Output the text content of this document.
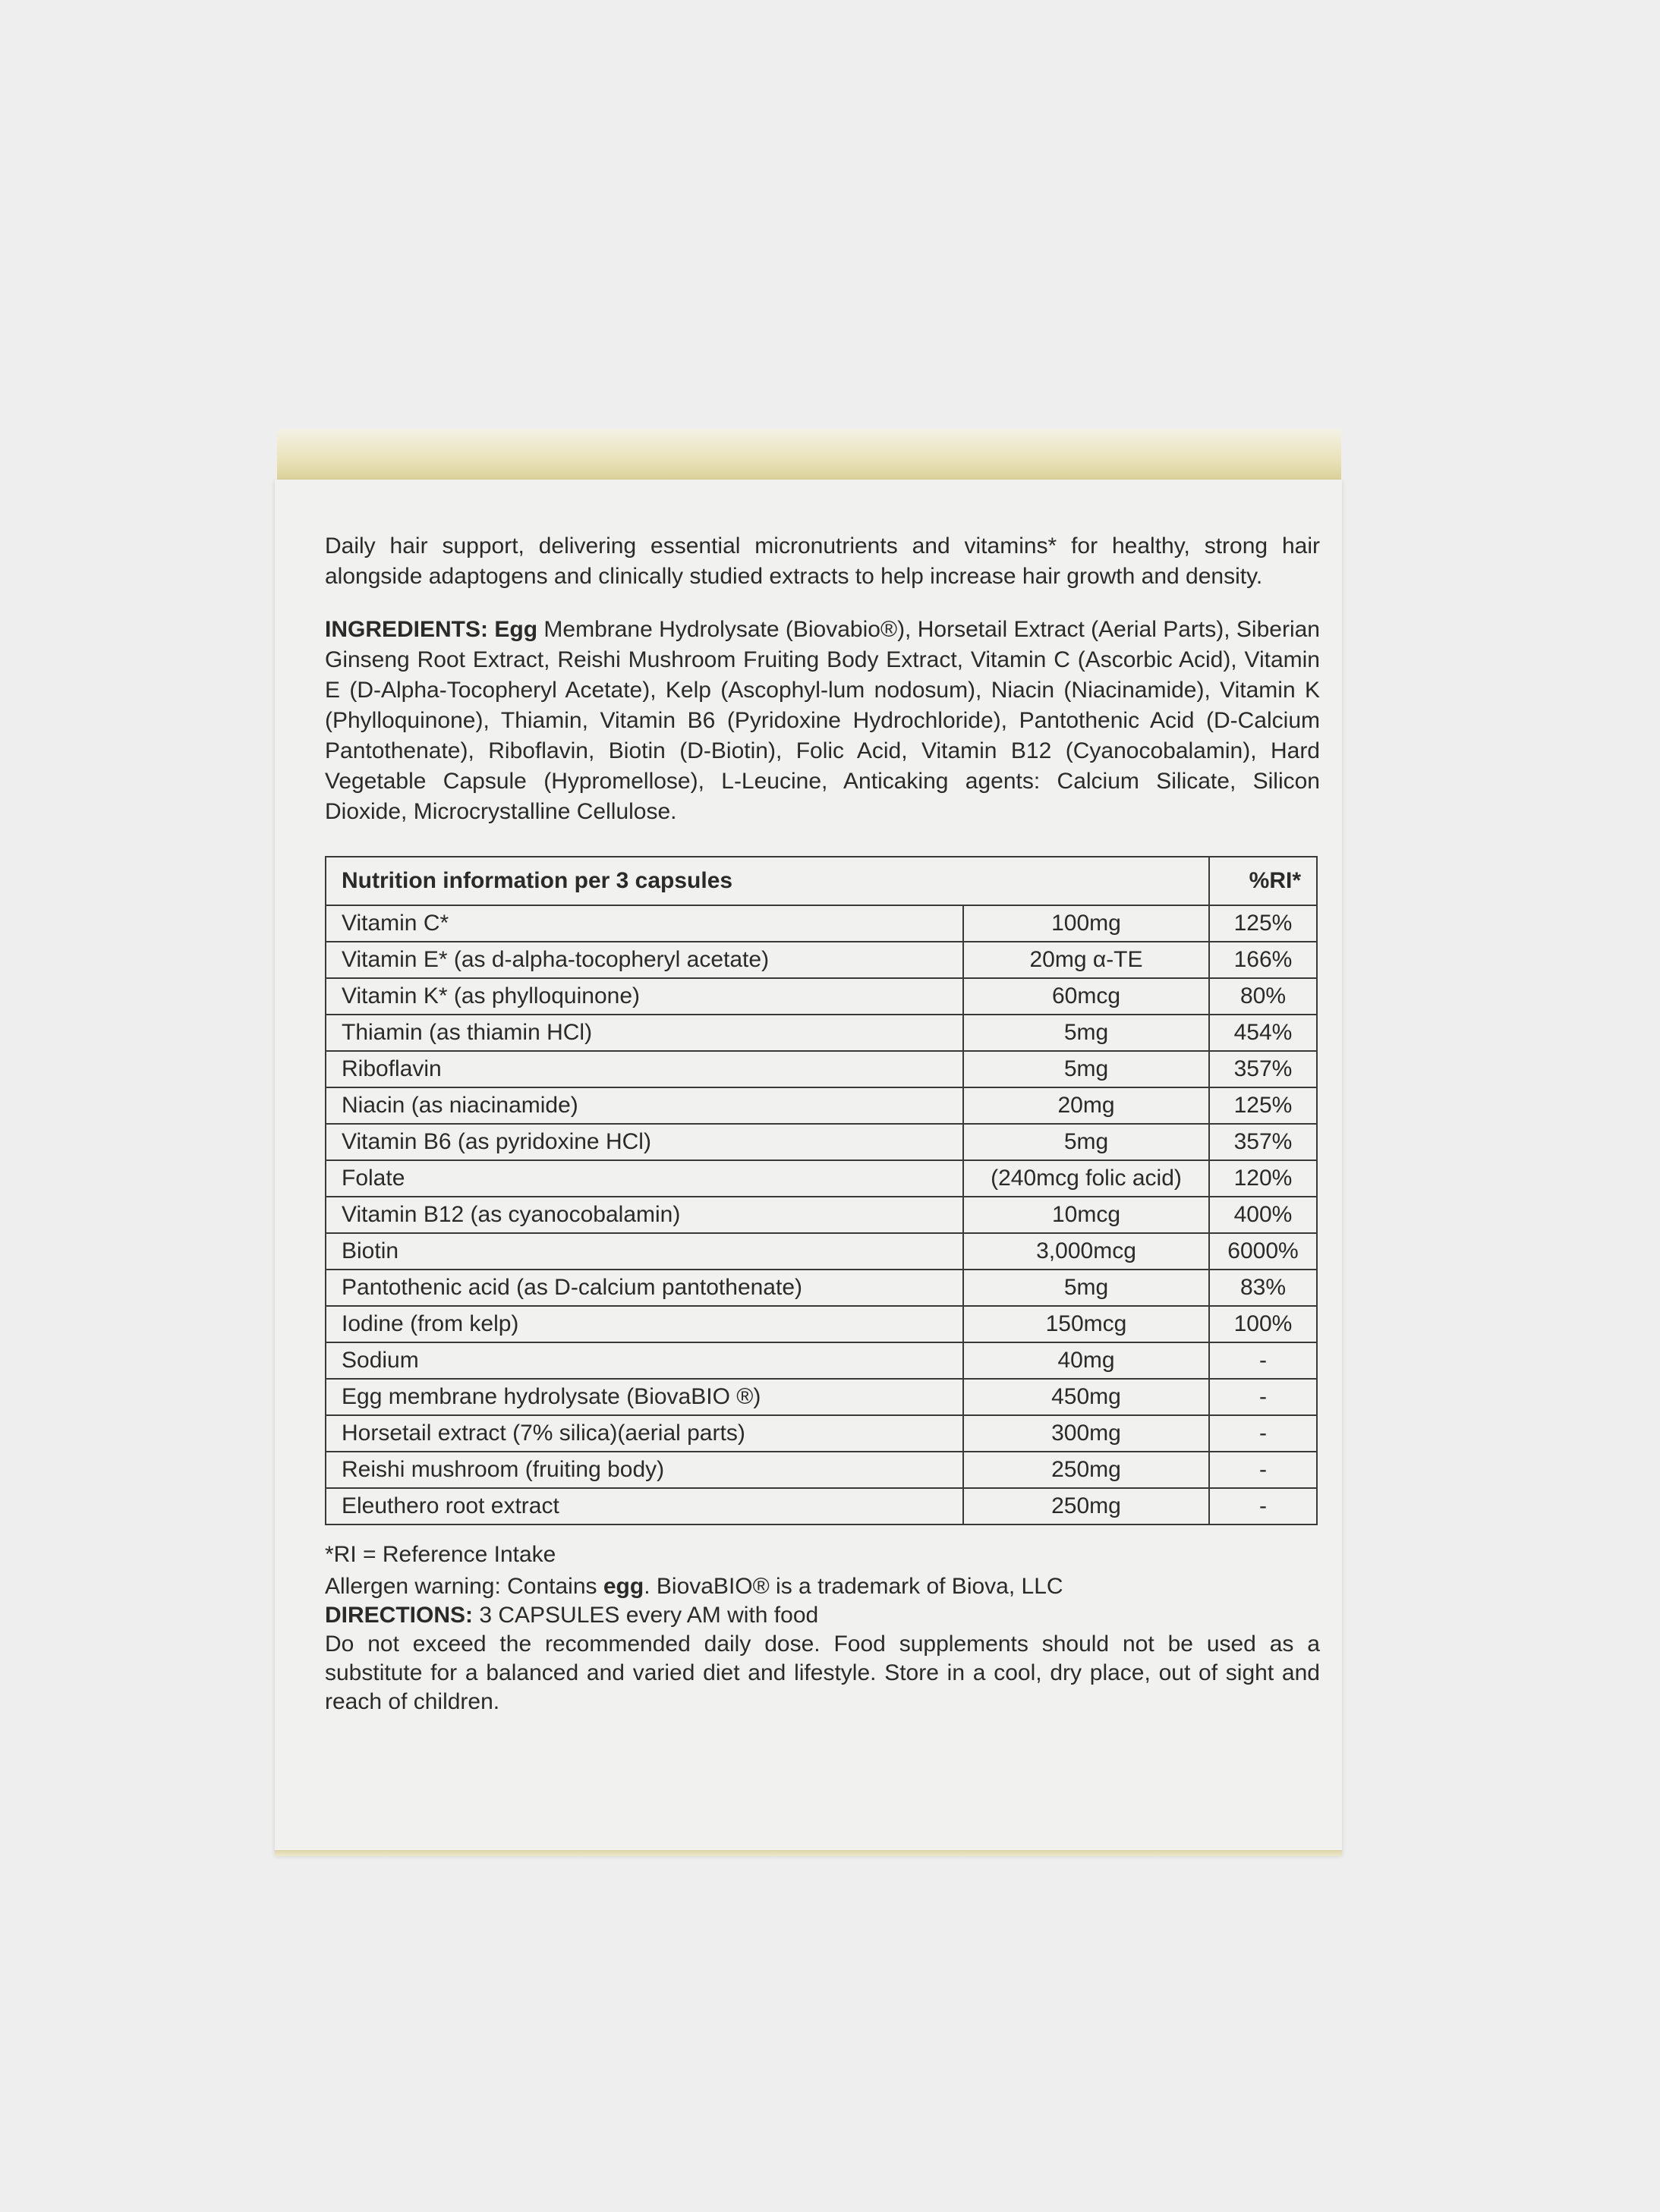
Daily hair support, delivering essential micronutrients and vitamins* for healthy, strong hair alongside adaptogens and clinically studied extracts to help increase hair growth and density.

INGREDIENTS: Egg Membrane Hydrolysate (Biovabio®), Horsetail Extract (Aerial Parts), Siberian Ginseng Root Extract, Reishi Mushroom Fruiting Body Extract, Vitamin C (Ascorbic Acid), Vitamin E (D-Alpha-Tocopheryl Acetate), Kelp (Ascophyl-lum nodosum), Niacin (Niacinamide), Vitamin K (Phylloquinone), Thiamin, Vitamin B6 (Pyridoxine Hydrochloride), Pantothenic Acid (D-Calcium Pantothenate), Riboflavin, Biotin (D-Biotin), Folic Acid, Vitamin B12 (Cyanocobalamin), Hard Vegetable Capsule (Hypromellose), L-Leucine, Anticaking agents: Calcium Silicate, Silicon Dioxide, Microcrystalline Cellulose.

Nutrition information per 3 capsules		%RI*
Vitamin C*	100mg	125%
Vitamin E* (as d-alpha-tocopheryl acetate)	20mg α-TE	166%
Vitamin K* (as phylloquinone)	60mcg	80%
Thiamin (as thiamin HCl)	5mg	454%
Riboflavin	5mg	357%
Niacin (as niacinamide)	20mg	125%
Vitamin B6 (as pyridoxine HCl)	5mg	357%
Folate	(240mcg folic acid)	120%
Vitamin B12 (as cyanocobalamin)	10mcg	400%
Biotin	3,000mcg	6000%
Pantothenic acid (as D-calcium pantothenate)	5mg	83%
Iodine (from kelp)	150mcg	100%
Sodium	40mg	-
Egg membrane hydrolysate (BiovaBIO ®)	450mg	-
Horsetail extract (7% silica)(aerial parts)	300mg	-
Reishi mushroom (fruiting body)	250mg	-
Eleuthero root extract	250mg	-

*RI = Reference Intake

Allergen warning: Contains egg. BiovaBIO® is a trademark of Biova, LLC

DIRECTIONS: 3 CAPSULES every AM with food

Do not exceed the recommended daily dose. Food supplements should not be used as a substitute for a balanced and varied diet and lifestyle. Store in a cool, dry place, out of sight and reach of children.
